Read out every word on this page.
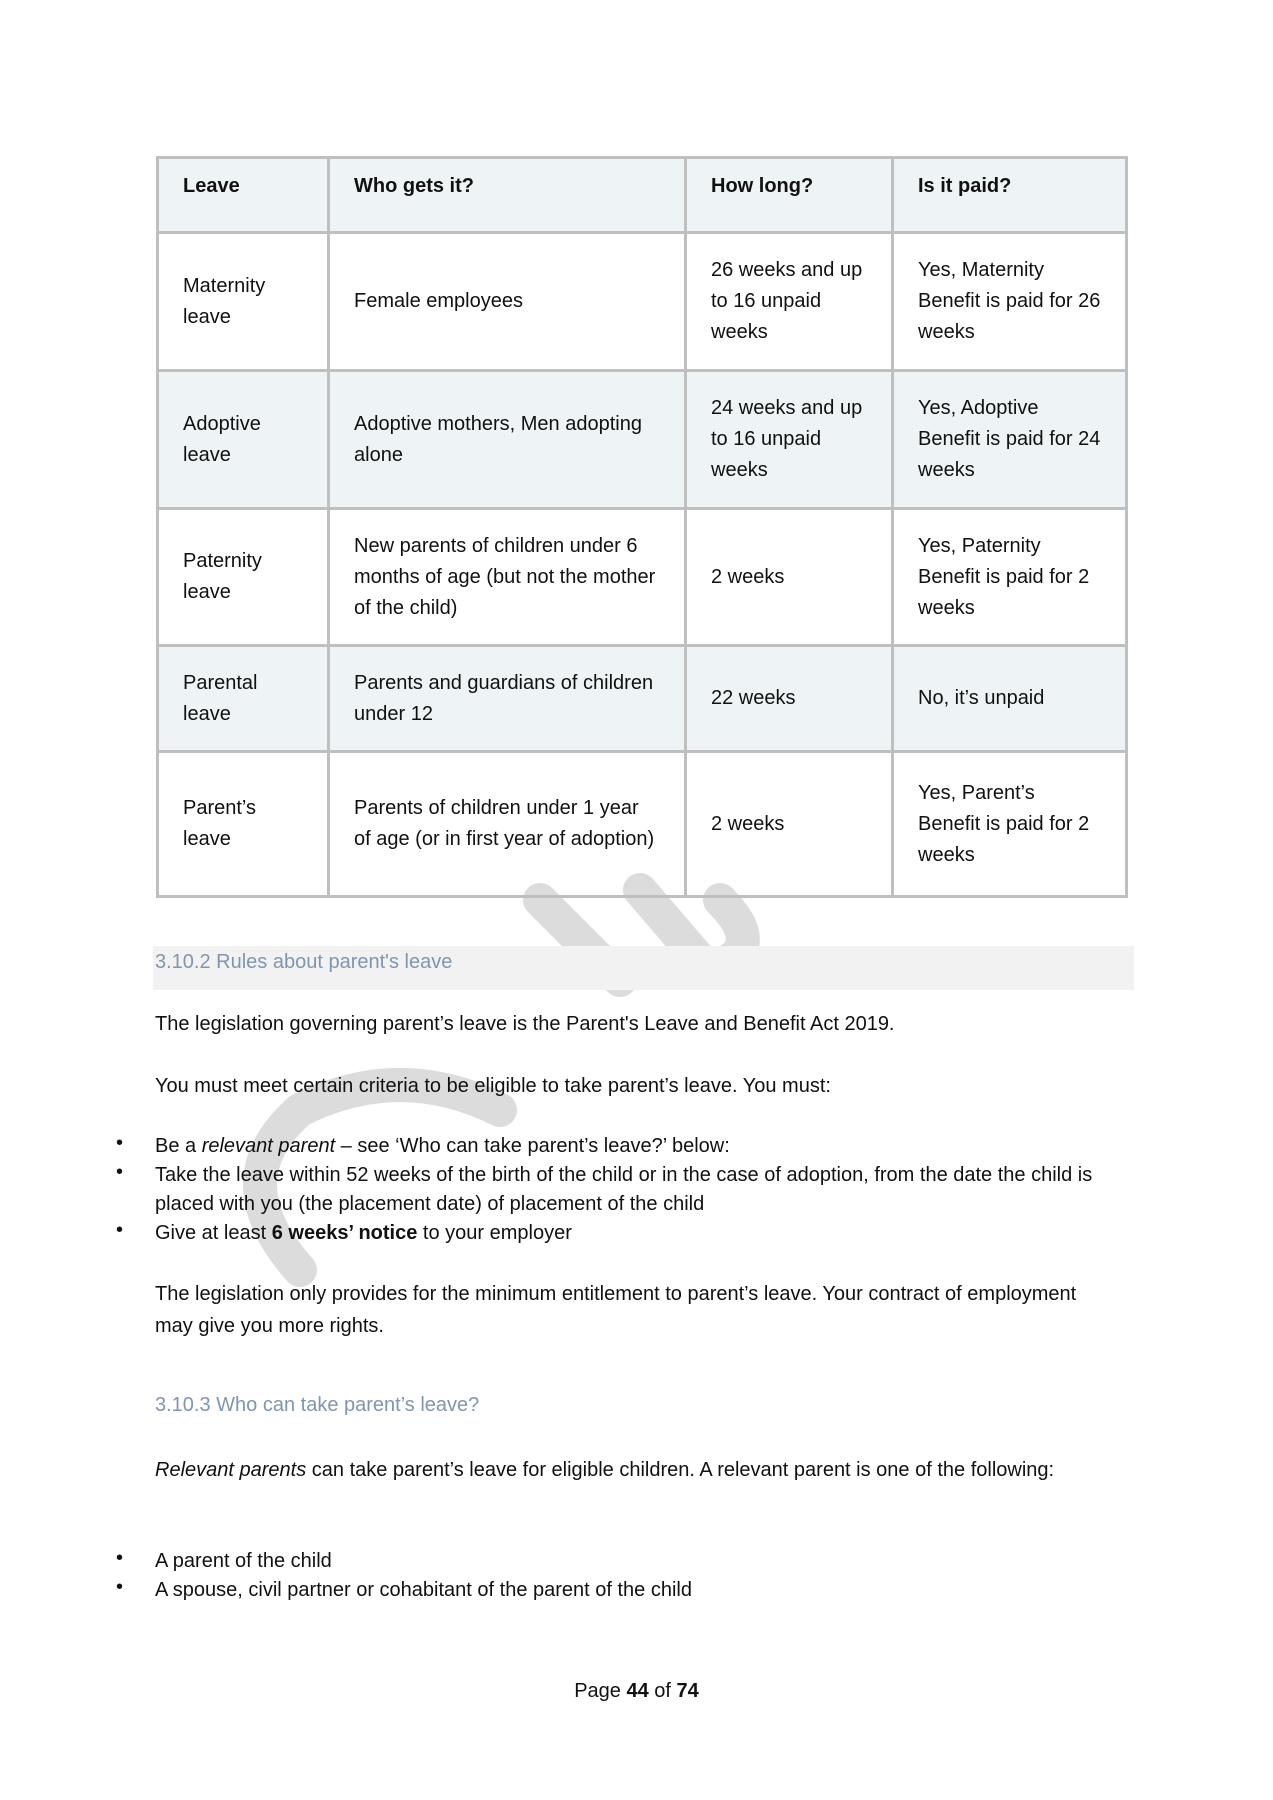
Leave	Who gets it?	How long?	Is it paid?
Maternity leave	Female employees	26 weeks and up to 16 unpaid weeks	Yes, Maternity Benefit is paid for 26 weeks
Adoptive leave	Adoptive mothers, Men adopting alone	24 weeks and up to 16 unpaid weeks	Yes, Adoptive Benefit is paid for 24 weeks
Paternity leave	New parents of children under 6 months of age (but not the mother of the child)	2 weeks	Yes, Paternity Benefit is paid for 2 weeks
Parental leave	Parents and guardians of children under 12	22 weeks	No, it’s unpaid
Parent’s leave	Parents of children under 1 year of age (or in first year of adoption)	2 weeks	Yes, Parent’s Benefit is paid for 2 weeks
3.10.2 Rules about parent's leave
The legislation governing parent’s leave is the Parent's Leave and Benefit Act 2019.
You must meet certain criteria to be eligible to take parent’s leave. You must:
• Be a relevant parent – see ‘Who can take parent’s leave?’ below:
• Take the leave within 52 weeks of the birth of the child or in the case of adoption, from the date the child is placed with you (the placement date) of placement of the child
• Give at least 6 weeks’ notice to your employer
The legislation only provides for the minimum entitlement to parent’s leave. Your contract of employment may give you more rights.
3.10.3 Who can take parent’s leave?
Relevant parents can take parent’s leave for eligible children. A relevant parent is one of the following:
• A parent of the child
• A spouse, civil partner or cohabitant of the parent of the child
Page 44 of 74
